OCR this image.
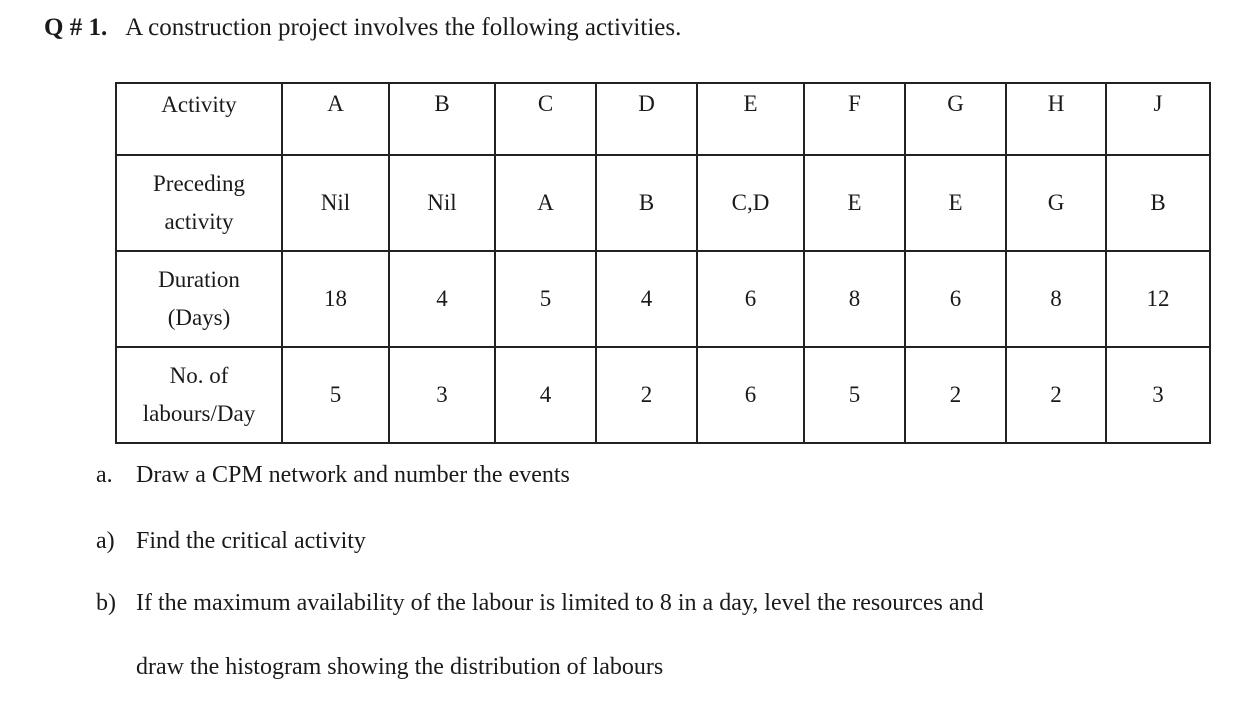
Q # 1. A construction project involves the following activities.
Activity	A	B	C	D	E	F	G	H	J

Preceding
activity	Nil	Nil	A	B	C,D	E	E	G	B

Duration
(Days)	18	4	5	4	6	8	6	8	12

No. of
labours/Day	5	3	4	2	6	5	2	2	3
a. Draw a CPM network and number the events
a) Find the critical activity
b) If the maximum availability of the labour is limited to 8 in a day, level the resources and
draw the histogram showing the distribution of labours
